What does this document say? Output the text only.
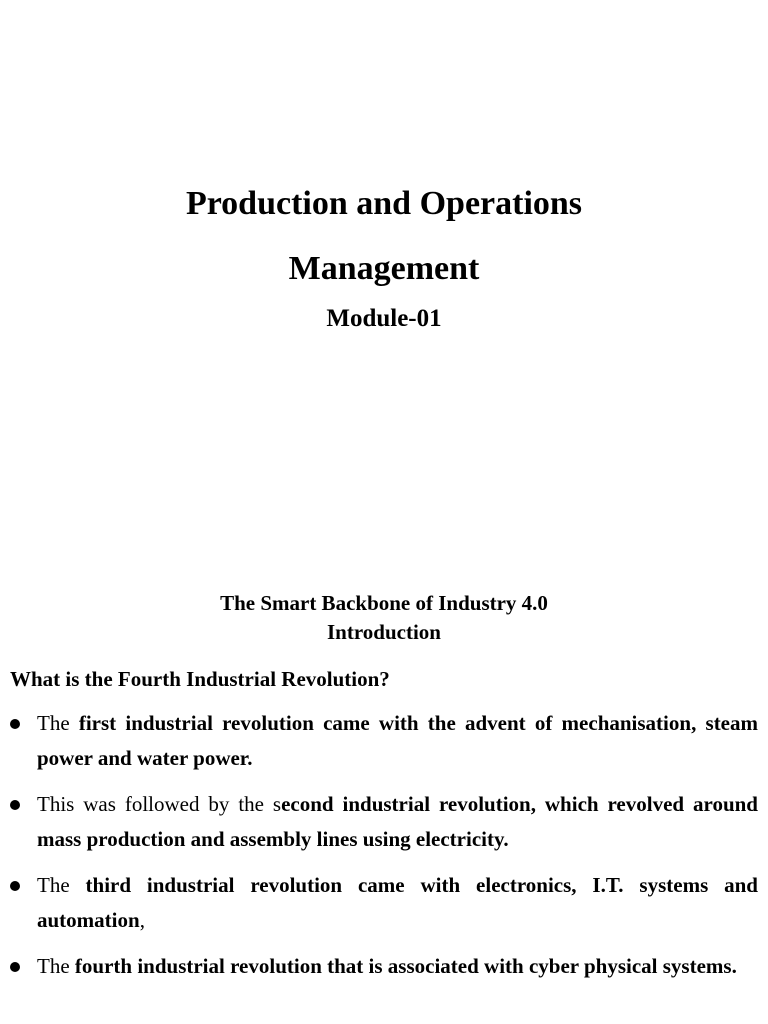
Production and Operations
Management
Module-01
The Smart Backbone of Industry 4.0
Introduction

What is the Fourth Industrial Revolution?

The first industrial revolution came with the advent of mechanisation, steam power and water power.
This was followed by the second industrial revolution, which revolved around mass production and assembly lines using electricity.
The third industrial revolution came with electronics, I.T. systems and automation,
The fourth industrial revolution that is associated with cyber physical systems.
